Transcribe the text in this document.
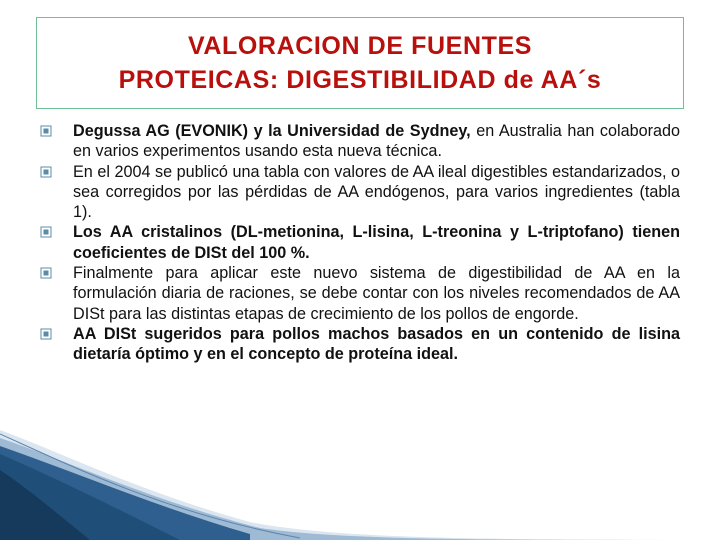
VALORACION DE FUENTES
PROTEICAS: DIGESTIBILIDAD de AA´s
Degussa AG (EVONIK) y la Universidad de Sydney, en Australia han colaborado en varios experimentos usando esta nueva técnica.
En el 2004 se publicó una tabla con valores de AA ileal digestibles estandarizados, o sea corregidos por las pérdidas de AA endógenos, para varios ingredientes (tabla 1).
Los AA cristalinos (DL-metionina, L-lisina, L-treonina y L-triptofano) tienen coeficientes de DISt del 100 %.
Finalmente para aplicar este nuevo sistema de digestibilidad de AA en la formulación diaria de raciones, se debe contar con los niveles recomendados de AA DISt para las distintas etapas de crecimiento de los pollos de engorde.
AA DISt sugeridos para pollos machos basados en un contenido de lisina dietaría óptimo y en el concepto de proteína ideal.
